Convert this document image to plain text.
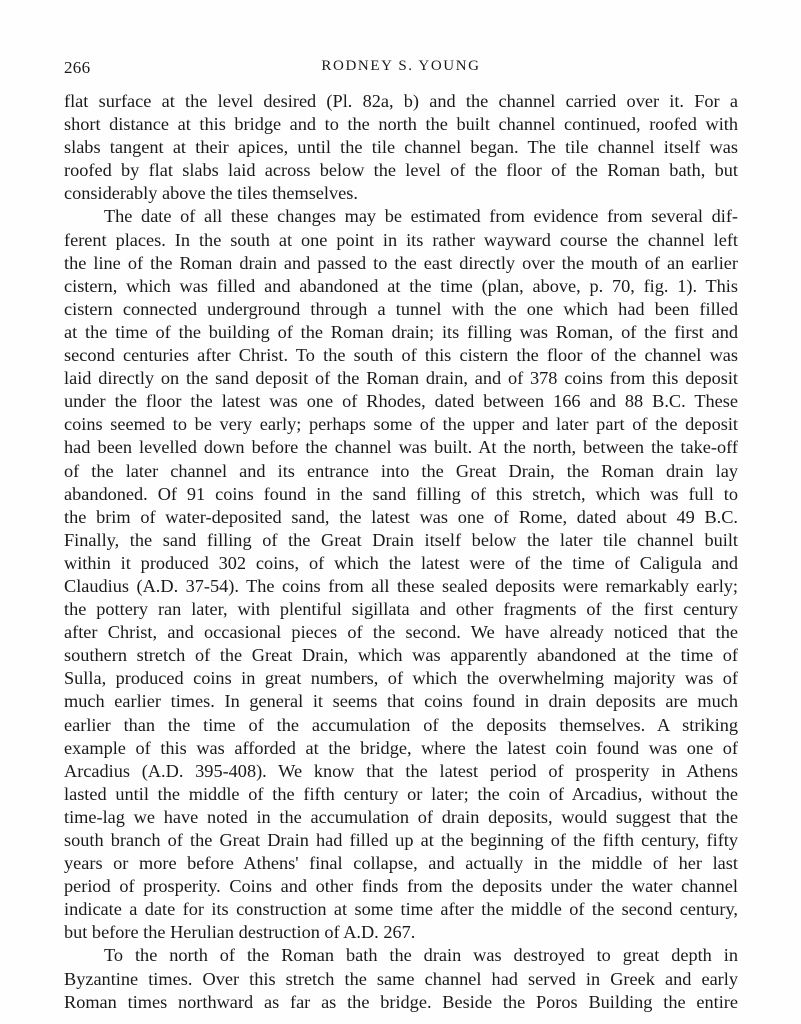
266	RODNEY S. YOUNG
flat surface at the level desired (Pl. 82a, b) and the channel carried over it. For a
short distance at this bridge and to the north the built channel continued, roofed with
slabs tangent at their apices, until the tile channel began. The tile channel itself was
roofed by flat slabs laid across below the level of the floor of the Roman bath, but
considerably above the tiles themselves.
The date of all these changes may be estimated from evidence from several dif-
ferent places. In the south at one point in its rather wayward course the channel left
the line of the Roman drain and passed to the east directly over the mouth of an earlier
cistern, which was filled and abandoned at the time (plan, above, p. 70, fig. 1). This
cistern connected underground through a tunnel with the one which had been filled
at the time of the building of the Roman drain; its filling was Roman, of the first and
second centuries after Christ. To the south of this cistern the floor of the channel was
laid directly on the sand deposit of the Roman drain, and of 378 coins from this deposit
under the floor the latest was one of Rhodes, dated between 166 and 88 B.C. These
coins seemed to be very early; perhaps some of the upper and later part of the deposit
had been levelled down before the channel was built. At the north, between the take-off
of the later channel and its entrance into the Great Drain, the Roman drain lay
abandoned. Of 91 coins found in the sand filling of this stretch, which was full to
the brim of water-deposited sand, the latest was one of Rome, dated about 49 B.C.
Finally, the sand filling of the Great Drain itself below the later tile channel built
within it produced 302 coins, of which the latest were of the time of Caligula and
Claudius (A.D. 37-54). The coins from all these sealed deposits were remarkably early;
the pottery ran later, with plentiful sigillata and other fragments of the first century
after Christ, and occasional pieces of the second. We have already noticed that the
southern stretch of the Great Drain, which was apparently abandoned at the time of
Sulla, produced coins in great numbers, of which the overwhelming majority was of
much earlier times. In general it seems that coins found in drain deposits are much
earlier than the time of the accumulation of the deposits themselves. A striking
example of this was afforded at the bridge, where the latest coin found was one of
Arcadius (A.D. 395-408). We know that the latest period of prosperity in Athens
lasted until the middle of the fifth century or later; the coin of Arcadius, without the
time-lag we have noted in the accumulation of drain deposits, would suggest that the
south branch of the Great Drain had filled up at the beginning of the fifth century, fifty
years or more before Athens' final collapse, and actually in the middle of her last
period of prosperity. Coins and other finds from the deposits under the water channel
indicate a date for its construction at some time after the middle of the second century,
but before the Herulian destruction of A.D. 267.
To the north of the Roman bath the drain was destroyed to great depth in
Byzantine times. Over this stretch the same channel had served in Greek and early
Roman times northward as far as the bridge. Beside the Poros Building the entire
